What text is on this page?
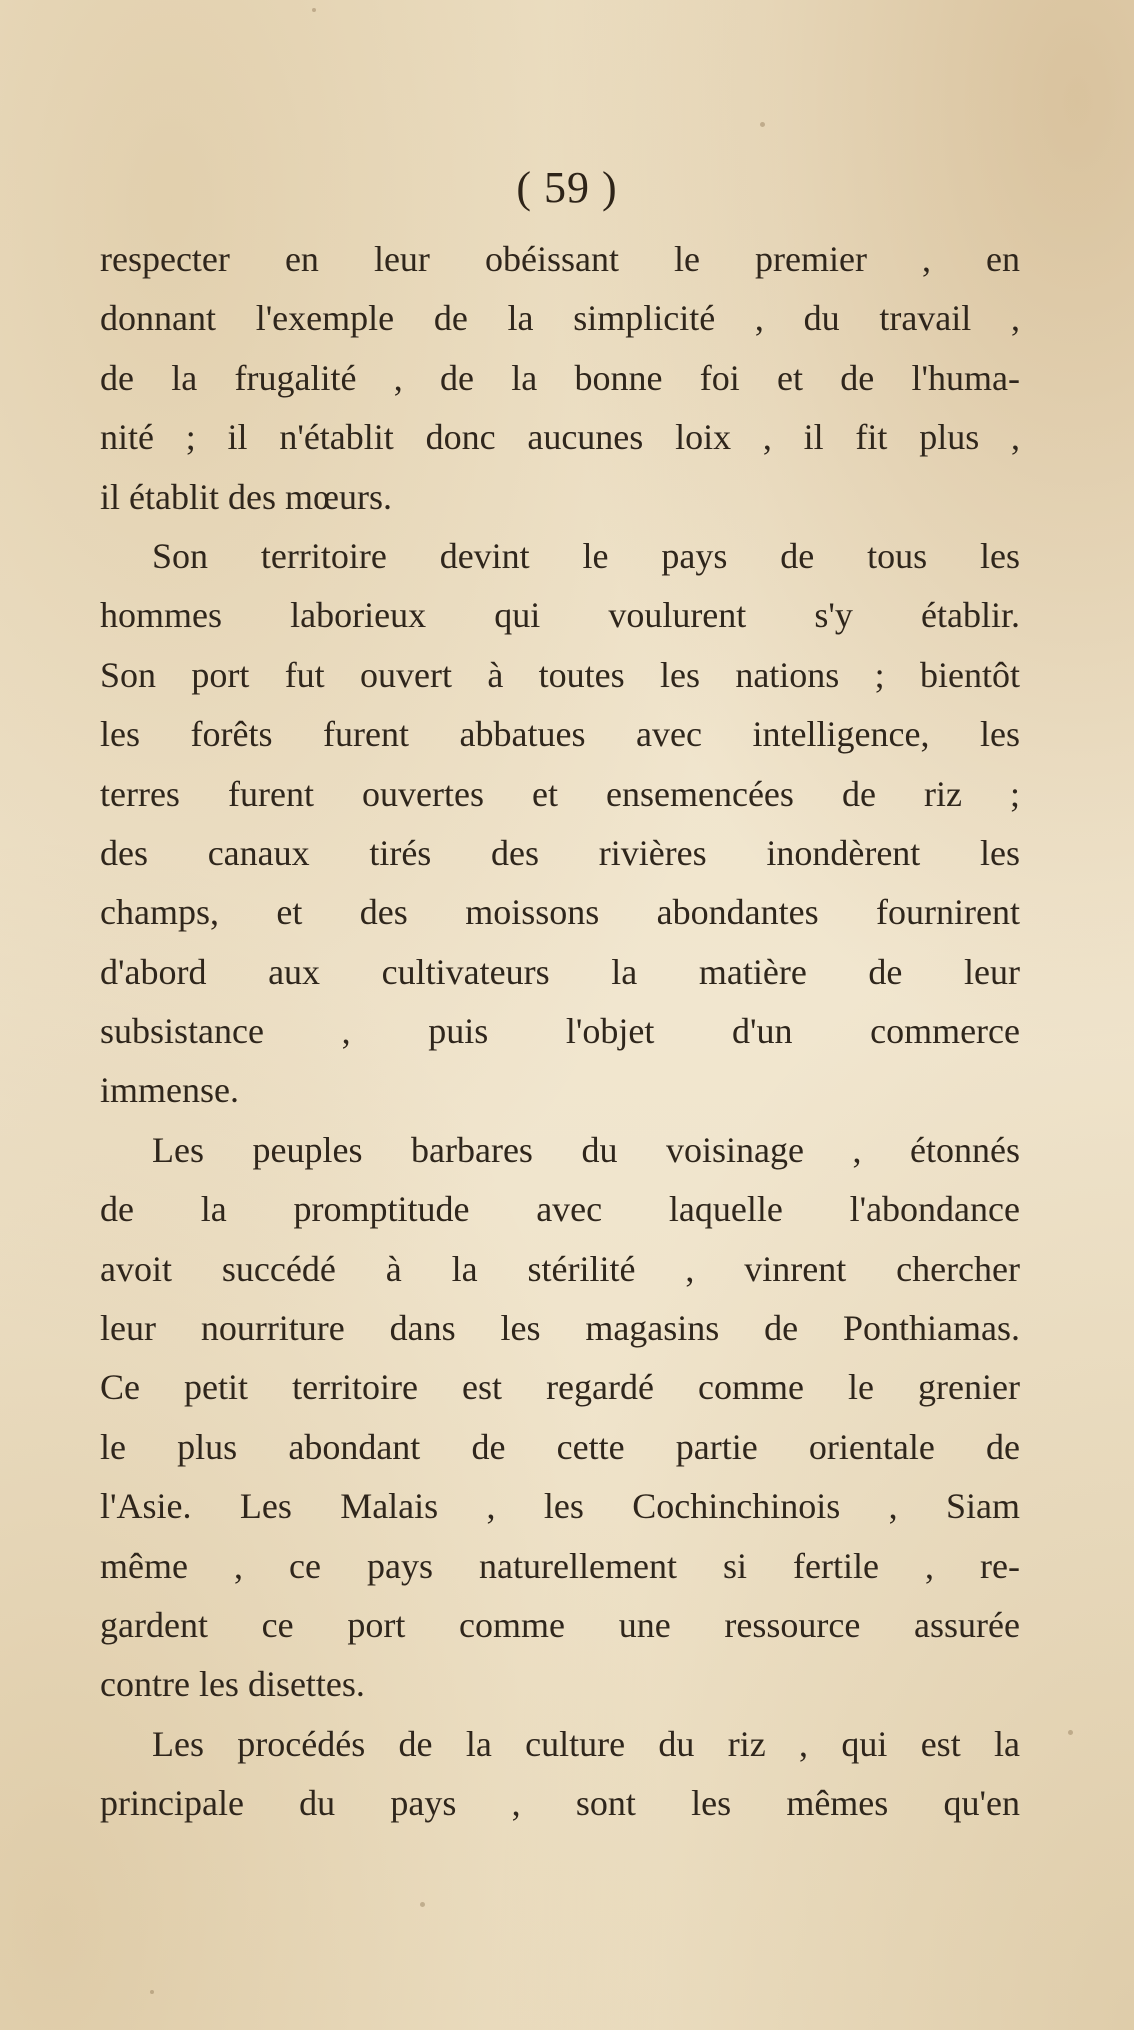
( 59 )
respecter en leur obéissant le premier , en
donnant l'exemple de la simplicité , du travail ,
de la frugalité , de la bonne foi et de l'huma-
nité ; il n'établit donc aucunes loix , il fit plus ,
il établit des mœurs.
Son territoire devint le pays de tous les
hommes laborieux qui voulurent s'y établir.
Son port fut ouvert à toutes les nations ; bientôt
les forêts furent abbatues avec intelligence, les
terres furent ouvertes et ensemencées de riz ;
des canaux tirés des rivières inondèrent les
champs, et des moissons abondantes fournirent
d'abord aux cultivateurs la matière de leur
subsistance , puis l'objet d'un commerce
immense.
Les peuples barbares du voisinage , étonnés
de la promptitude avec laquelle l'abondance
avoit succédé à la stérilité , vinrent chercher
leur nourriture dans les magasins de Ponthiamas.
Ce petit territoire est regardé comme le grenier
le plus abondant de cette partie orientale de
l'Asie. Les Malais , les Cochinchinois , Siam
même , ce pays naturellement si fertile , re-
gardent ce port comme une ressource assurée
contre les disettes.
Les procédés de la culture du riz , qui est la
principale du pays , sont les mêmes qu'en
